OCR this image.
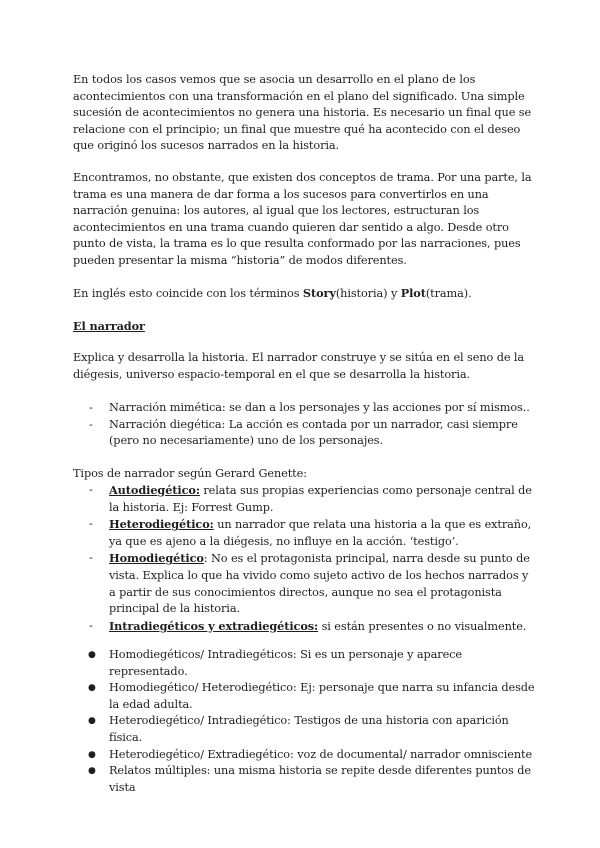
En todos los casos vemos que se asocia un desarrollo en el plano de los acontecimientos con una transformación en el plano del significado. Una simple sucesión de acontecimientos no genera una historia. Es necesario un final que se relacione con el principio; un final que muestre qué ha acontecido con el deseo que originó los sucesos narrados en la historia.

Encontramos, no obstante, que existen dos conceptos de trama. Por una parte, la trama es una manera de dar forma a los sucesos para convertirlos en una narración genuina: los autores, al igual que los lectores, estructuran los acontecimientos en una trama cuando quieren dar sentido a algo. Desde otro punto de vista, la trama es lo que resulta conformado por las narraciones, pues pueden presentar la misma “historia” de modos diferentes.

En inglés esto coincide con los términos Story(historia) y Plot(trama).

El narrador

Explica y desarrolla la historia. El narrador construye y se sitúa en el seno de la diégesis, universo espacio-temporal en el que se desarrolla la historia.

- Narración mimética: se dan a los personajes y las acciones por sí mismos..
- Narración diegética: La acción es contada por un narrador, casi siempre (pero no necesariamente) uno de los personajes.

Tipos de narrador según Gerard Genette:

- Autodiegético: relata sus propias experiencias como personaje central de la historia. Ej: Forrest Gump.
- Heterodiegético: un narrador que relata una historia a la que es extraño, ya que es ajeno a la diégesis, no influye en la acción. ‘testigo’.
- Homodiegético: No es el protagonista principal, narra desde su punto de vista. Explica lo que ha vivido como sujeto activo de los hechos narrados y a partir de sus conocimientos directos, aunque no sea el protagonista principal de la historia.
- Intradiegéticos y extradiegéticos: si están presentes o no visualmente.
● Homodiegéticos/ Intradiegéticos: Si es un personaje y aparece representado.
● Homodiegético/ Heterodiegético: Ej: personaje que narra su infancia desde la edad adulta.
● Heterodiegético/ Intradiegético: Testigos de una historia con aparición física.
● Heterodiegético/ Extradiegético: voz de documental/ narrador omnisciente
● Relatos múltiples: una misma historia se repite desde diferentes puntos de vista
